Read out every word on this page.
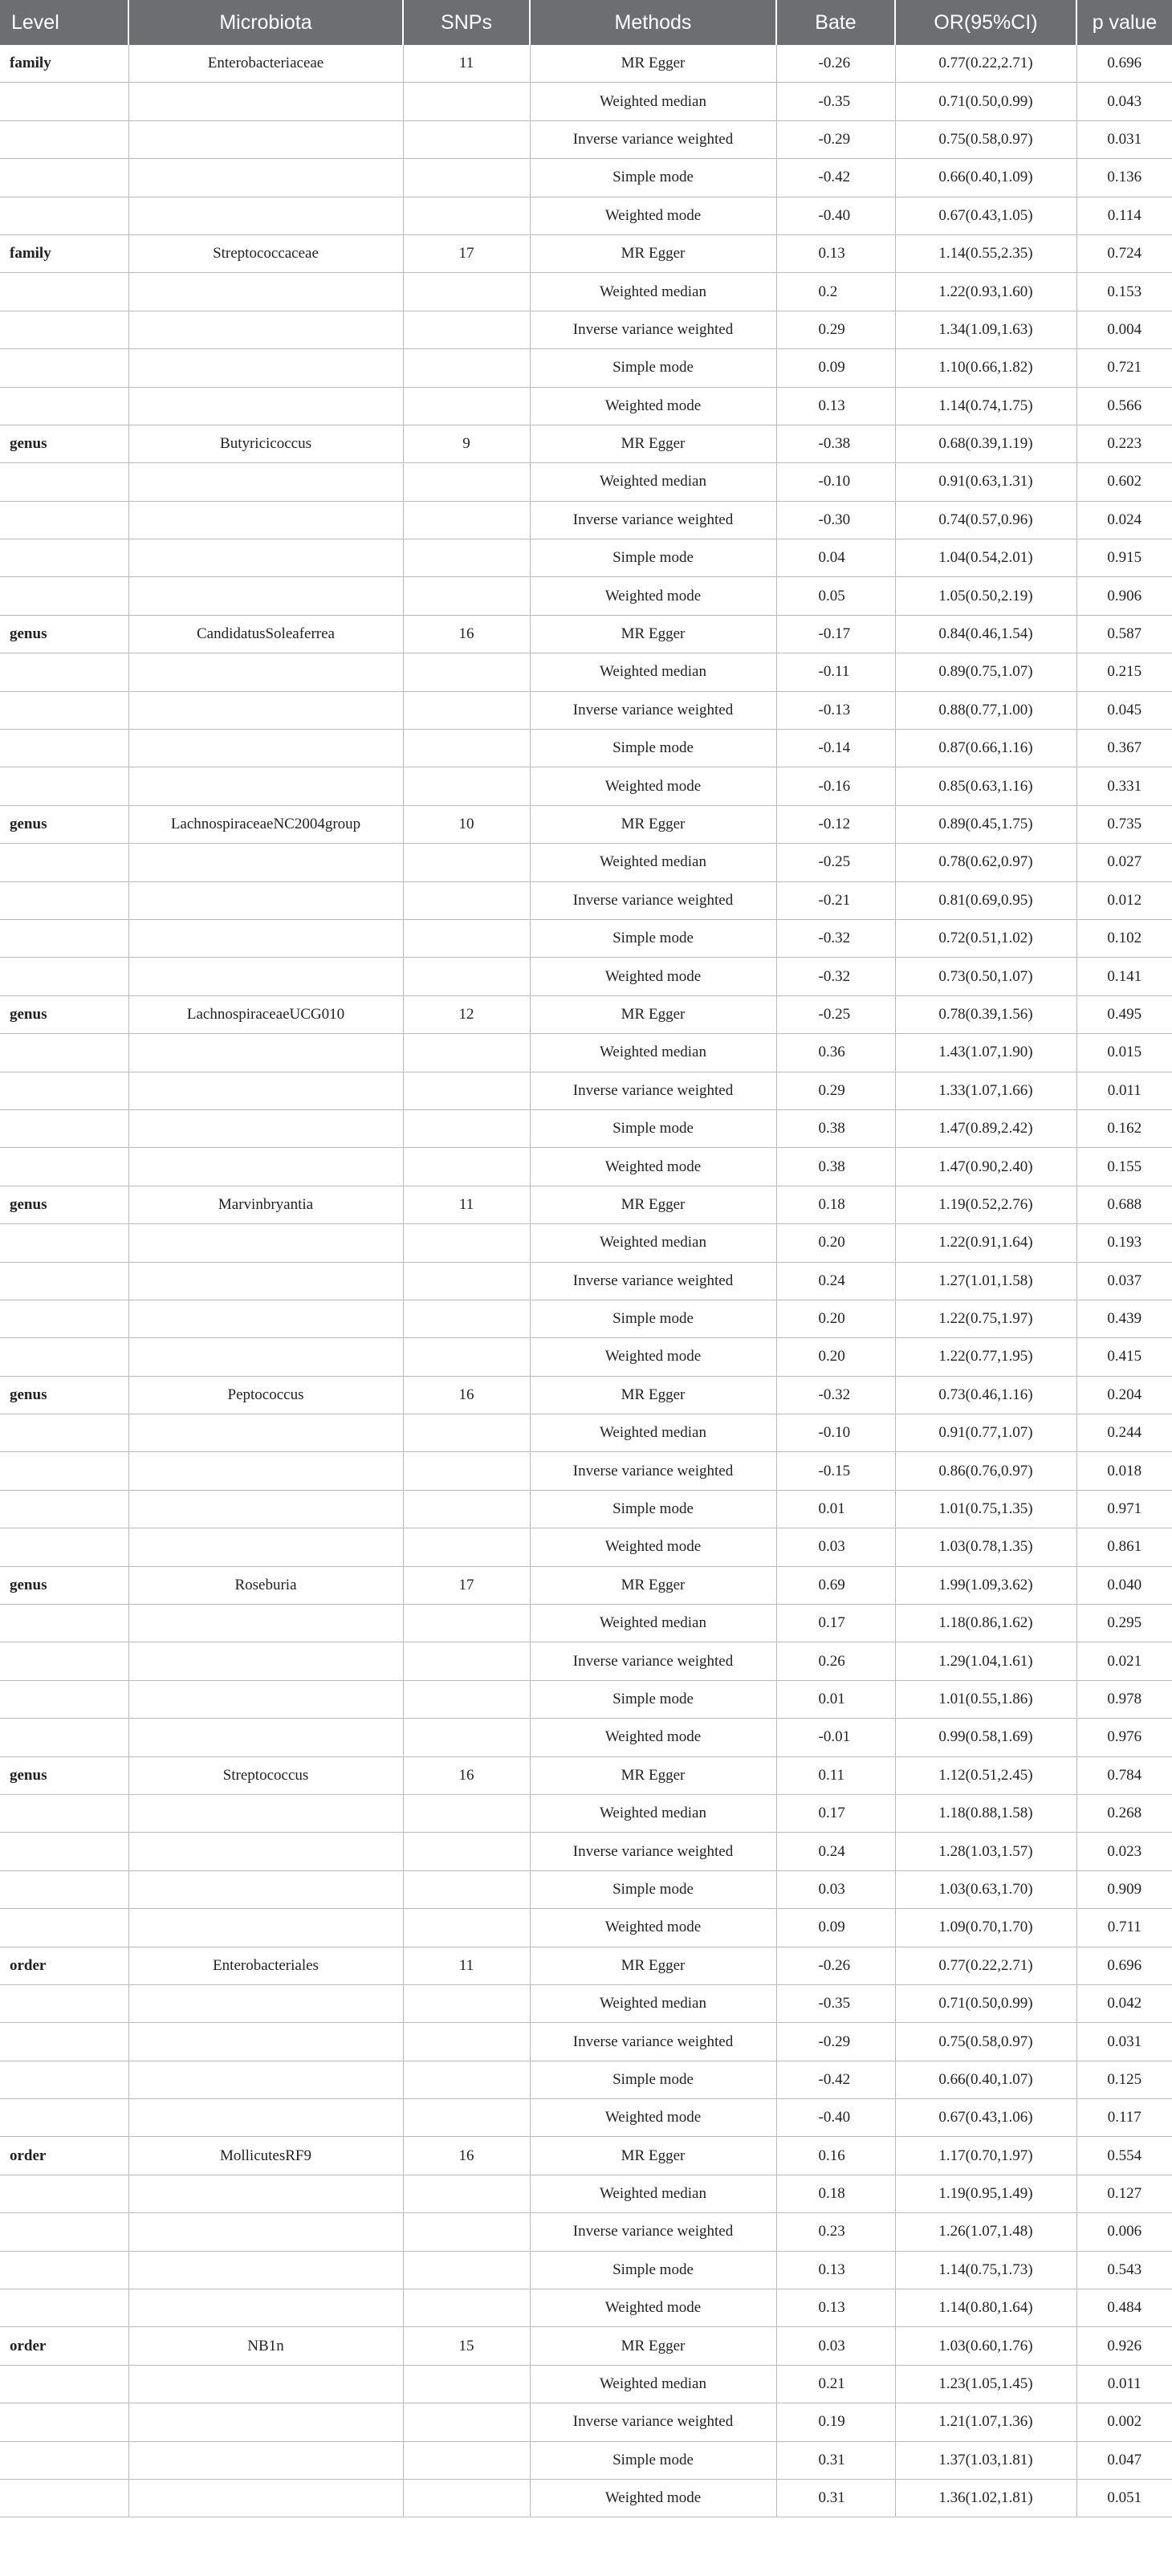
Level	Microbiota	SNPs	Methods	Bate	OR(95%CI)	p value
family	Enterobacteriaceae	11	MR Egger	-0.26	0.77(0.22,2.71)	0.696
			Weighted median	-0.35	0.71(0.50,0.99)	0.043
			Inverse variance weighted	-0.29	0.75(0.58,0.97)	0.031
			Simple mode	-0.42	0.66(0.40,1.09)	0.136
			Weighted mode	-0.40	0.67(0.43,1.05)	0.114
family	Streptococcaceae	17	MR Egger	0.13	1.14(0.55,2.35)	0.724
			Weighted median	0.2	1.22(0.93,1.60)	0.153
			Inverse variance weighted	0.29	1.34(1.09,1.63)	0.004
			Simple mode	0.09	1.10(0.66,1.82)	0.721
			Weighted mode	0.13	1.14(0.74,1.75)	0.566
genus	Butyricicoccus	9	MR Egger	-0.38	0.68(0.39,1.19)	0.223
			Weighted median	-0.10	0.91(0.63,1.31)	0.602
			Inverse variance weighted	-0.30	0.74(0.57,0.96)	0.024
			Simple mode	0.04	1.04(0.54,2.01)	0.915
			Weighted mode	0.05	1.05(0.50,2.19)	0.906
genus	CandidatusSoleaferrea	16	MR Egger	-0.17	0.84(0.46,1.54)	0.587
			Weighted median	-0.11	0.89(0.75,1.07)	0.215
			Inverse variance weighted	-0.13	0.88(0.77,1.00)	0.045
			Simple mode	-0.14	0.87(0.66,1.16)	0.367
			Weighted mode	-0.16	0.85(0.63,1.16)	0.331
genus	LachnospiraceaeNC2004group	10	MR Egger	-0.12	0.89(0.45,1.75)	0.735
			Weighted median	-0.25	0.78(0.62,0.97)	0.027
			Inverse variance weighted	-0.21	0.81(0.69,0.95)	0.012
			Simple mode	-0.32	0.72(0.51,1.02)	0.102
			Weighted mode	-0.32	0.73(0.50,1.07)	0.141
genus	LachnospiraceaeUCG010	12	MR Egger	-0.25	0.78(0.39,1.56)	0.495
			Weighted median	0.36	1.43(1.07,1.90)	0.015
			Inverse variance weighted	0.29	1.33(1.07,1.66)	0.011
			Simple mode	0.38	1.47(0.89,2.42)	0.162
			Weighted mode	0.38	1.47(0.90,2.40)	0.155
genus	Marvinbryantia	11	MR Egger	0.18	1.19(0.52,2.76)	0.688
			Weighted median	0.20	1.22(0.91,1.64)	0.193
			Inverse variance weighted	0.24	1.27(1.01,1.58)	0.037
			Simple mode	0.20	1.22(0.75,1.97)	0.439
			Weighted mode	0.20	1.22(0.77,1.95)	0.415
genus	Peptococcus	16	MR Egger	-0.32	0.73(0.46,1.16)	0.204
			Weighted median	-0.10	0.91(0.77,1.07)	0.244
			Inverse variance weighted	-0.15	0.86(0.76,0.97)	0.018
			Simple mode	0.01	1.01(0.75,1.35)	0.971
			Weighted mode	0.03	1.03(0.78,1.35)	0.861
genus	Roseburia	17	MR Egger	0.69	1.99(1.09,3.62)	0.040
			Weighted median	0.17	1.18(0.86,1.62)	0.295
			Inverse variance weighted	0.26	1.29(1.04,1.61)	0.021
			Simple mode	0.01	1.01(0.55,1.86)	0.978
			Weighted mode	-0.01	0.99(0.58,1.69)	0.976
genus	Streptococcus	16	MR Egger	0.11	1.12(0.51,2.45)	0.784
			Weighted median	0.17	1.18(0.88,1.58)	0.268
			Inverse variance weighted	0.24	1.28(1.03,1.57)	0.023
			Simple mode	0.03	1.03(0.63,1.70)	0.909
			Weighted mode	0.09	1.09(0.70,1.70)	0.711
order	Enterobacteriales	11	MR Egger	-0.26	0.77(0.22,2.71)	0.696
			Weighted median	-0.35	0.71(0.50,0.99)	0.042
			Inverse variance weighted	-0.29	0.75(0.58,0.97)	0.031
			Simple mode	-0.42	0.66(0.40,1.07)	0.125
			Weighted mode	-0.40	0.67(0.43,1.06)	0.117
order	MollicutesRF9	16	MR Egger	0.16	1.17(0.70,1.97)	0.554
			Weighted median	0.18	1.19(0.95,1.49)	0.127
			Inverse variance weighted	0.23	1.26(1.07,1.48)	0.006
			Simple mode	0.13	1.14(0.75,1.73)	0.543
			Weighted mode	0.13	1.14(0.80,1.64)	0.484
order	NB1n	15	MR Egger	0.03	1.03(0.60,1.76)	0.926
			Weighted median	0.21	1.23(1.05,1.45)	0.011
			Inverse variance weighted	0.19	1.21(1.07,1.36)	0.002
			Simple mode	0.31	1.37(1.03,1.81)	0.047
			Weighted mode	0.31	1.36(1.02,1.81)	0.051
